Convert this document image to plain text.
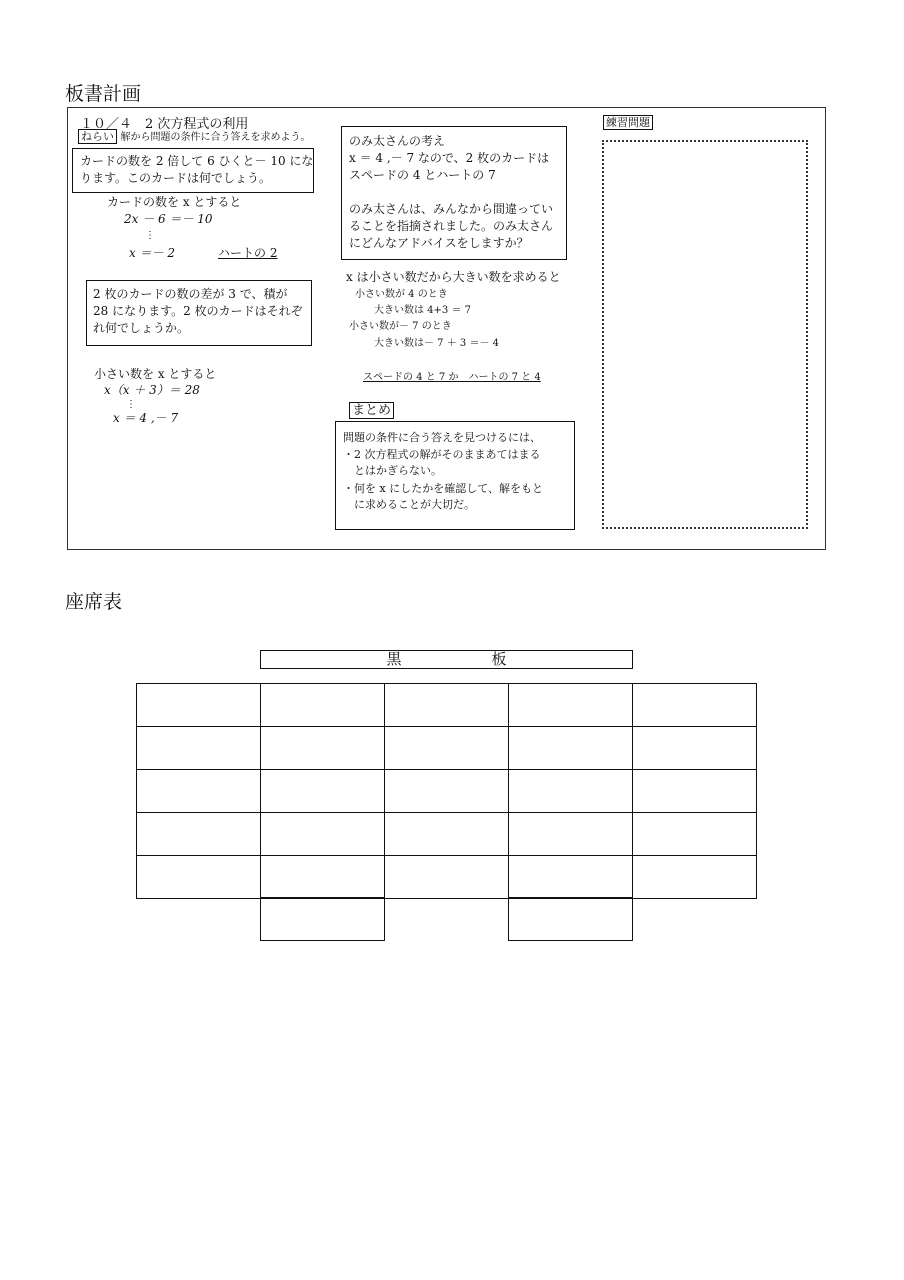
板書計画
座席表
１０／４　2 次方程式の利用
ねらい 解から問題の条件に合う答えを求めよう。
カードの数を 2 倍して 6 ひくと－ 10 にな
ります。このカードは何でしょう。
カードの数を x とすると
2x － 6 ＝－ 10
⋮
x ＝－ 2	ハートの 2
2 枚のカードの数の差が 3 で、積が
28 になります。2 枚のカードはそれぞ
れ何でしょうか。
小さい数を x とすると
x（x ＋ 3）＝ 28
⋮
x ＝ 4 ,－ 7
のみ太さんの考え
x ＝ 4 ,－ 7 なので、2 枚のカードは
スペードの 4 とハートの 7
のみ太さんは、みんなから間違ってい
ることを指摘されました。のみ太さん
にどんなアドバイスをしますか？
x は小さい数だから大きい数を求めると
小さい数が 4 のとき
大きい数は 4+3 ＝ 7
小さい数が－ 7 のとき
大きい数は－ 7 ＋ 3 ＝－ 4
スペードの 4 と 7 か　ハートの 7 と 4
まとめ
問題の条件に合う答えを見つけるには、
・2 次方程式の解がそのままあてはまる
　とはかぎらない。
・何を x にしたかを確認して、解をもと
　に求めることが大切だ。
練習問題
黒　　　　　　板
